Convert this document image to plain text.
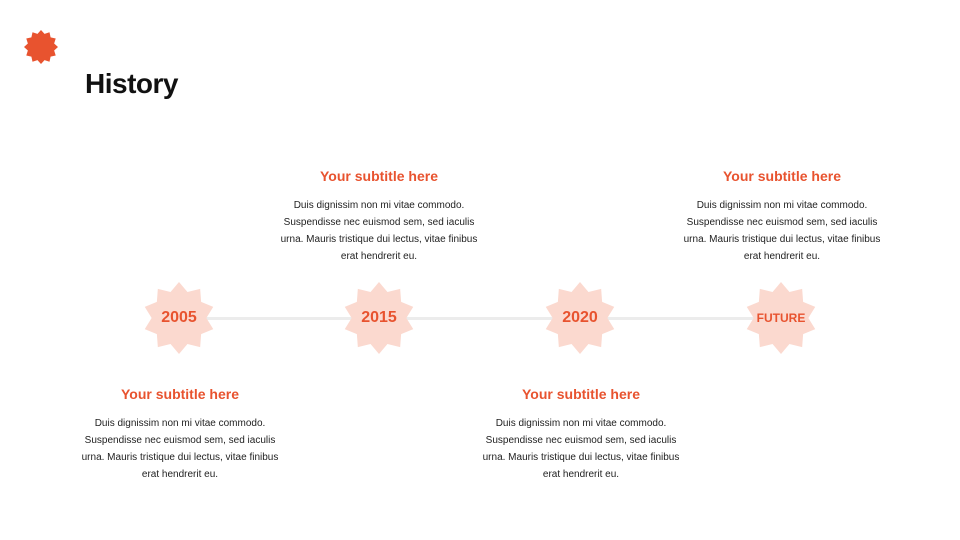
History
2005	2015	2020	FUTURE
Your subtitle here
Duis dignissim non mi vitae commodo. Suspendisse nec euismod sem, sed iaculis urna. Mauris tristique dui lectus, vitae finibus erat hendrerit eu.
Your subtitle here
Duis dignissim non mi vitae commodo. Suspendisse nec euismod sem, sed iaculis urna. Mauris tristique dui lectus, vitae finibus erat hendrerit eu.
Your subtitle here
Duis dignissim non mi vitae commodo. Suspendisse nec euismod sem, sed iaculis urna. Mauris tristique dui lectus, vitae finibus erat hendrerit eu.
Your subtitle here
Duis dignissim non mi vitae commodo. Suspendisse nec euismod sem, sed iaculis urna. Mauris tristique dui lectus, vitae finibus erat hendrerit eu.
